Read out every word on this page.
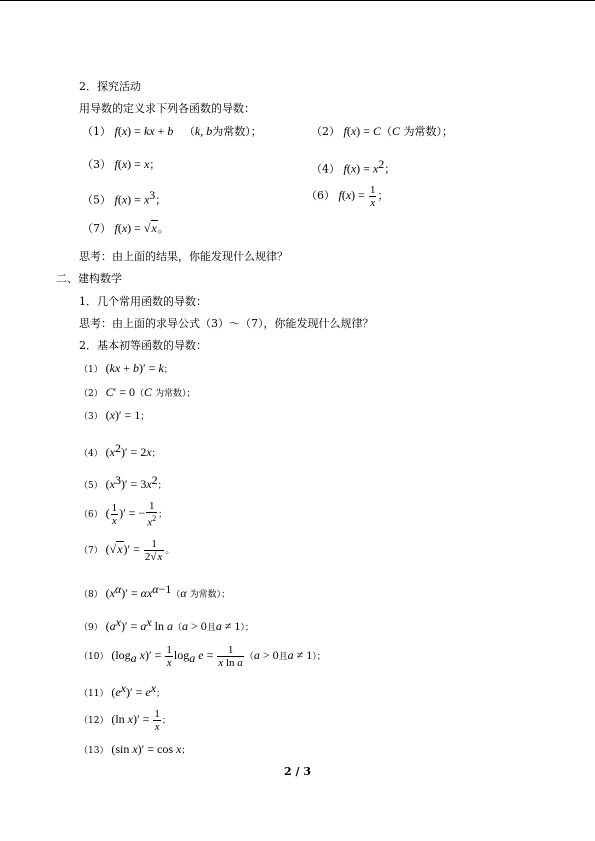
2．探究活动
用导数的定义求下列各函数的导数：
（1） f(x) = kx + b   （k, b为常数）；	（2） f(x) = C（C 为常数）；
（3） f(x) = x；	（4） $f(x) = x^2$；
（5） $f(x) = x^3$；	（6） $f(x) = \frac{1}{x}$ ；
（7） f(x) = √x。
思考：由上面的结果，你能发现什么规律？
二、建构数学
1．几个常用函数的导数：
思考：由上面的求导公式（3）～（7），你能发现什么规律？
2．基本初等函数的导数：
（1） (kx + b)′ = k；
（2） C′ = 0（C 为常数）；
（3） (x)′ = 1；
（4） $(x^2)' = 2x$；
（5） $(x^3)' = 3x^2$；
（6） ( $\frac{1}{x}$ )′ = − $\frac{1}{x^2}$ ；
（7） $(√x)' = \frac{1}{2√x}$ 。
（8） $(x^\alpha)' = \alpha x^{\alpha-1}(\alpha$ 为常数）；
（9） $(a^x)' = a^x$ ln a（a > 0且a ≠ 1）；
（10） ($\log_a$ $x)' = \frac{1}{x} \log_a e = \frac{1}{\text{x ln a}} (a > 0$且a ≠ 1）；
（11） $(e^x)' = e^x$；
（12） (ln $x)' = \frac{1}{x}$ ；
（13） (sin x)′ = cos x；
2 / 3
